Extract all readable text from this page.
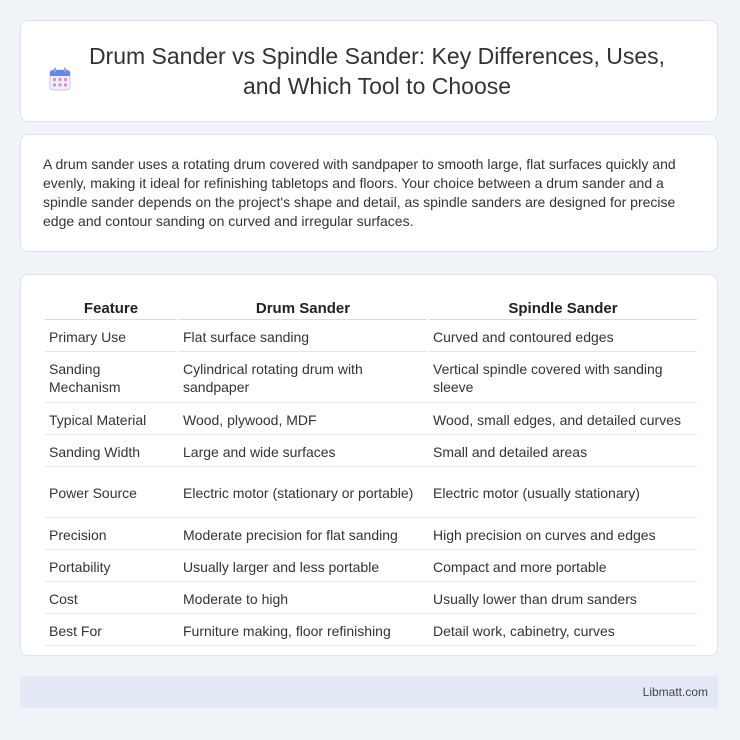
Drum Sander vs Spindle Sander: Key Differences, Uses, and Which Tool to Choose

A drum sander uses a rotating drum covered with sandpaper to smooth large, flat surfaces quickly and evenly, making it ideal for refinishing tabletops and floors. Your choice between a drum sander and a spindle sander depends on the project's shape and detail, as spindle sanders are designed for precise edge and contour sanding on curved and irregular surfaces.

Feature	Drum Sander	Spindle Sander
Primary Use	Flat surface sanding	Curved and contoured edges
Sanding Mechanism	Cylindrical rotating drum with sandpaper	Vertical spindle covered with sanding sleeve
Typical Material	Wood, plywood, MDF	Wood, small edges, and detailed curves
Sanding Width	Large and wide surfaces	Small and detailed areas
Power Source	Electric motor (stationary or portable)	Electric motor (usually stationary)
Precision	Moderate precision for flat sanding	High precision on curves and edges
Portability	Usually larger and less portable	Compact and more portable
Cost	Moderate to high	Usually lower than drum sanders
Best For	Furniture making, floor refinishing	Detail work, cabinetry, curves
Libmatt.com
